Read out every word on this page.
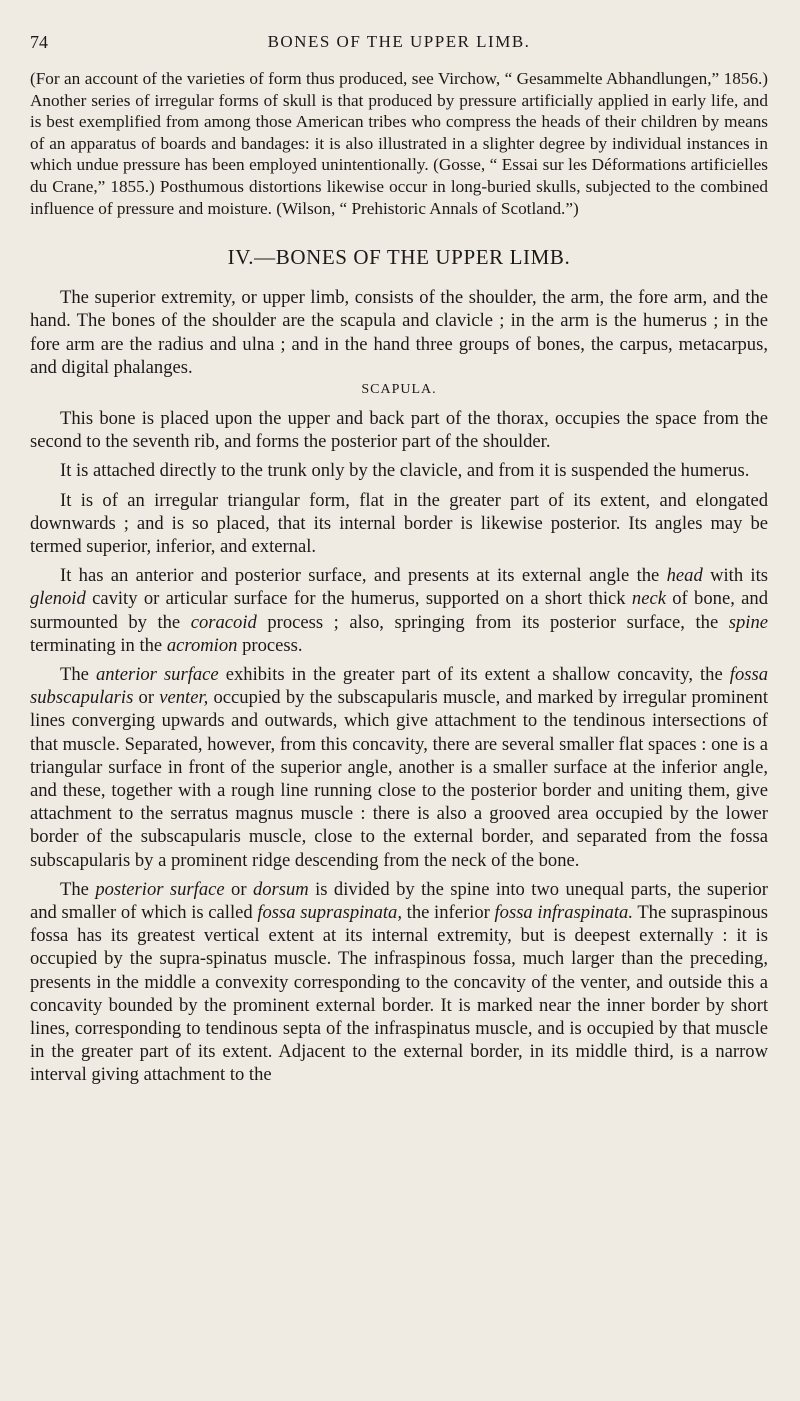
74	BONES OF THE UPPER LIMB.

(For an account of the varieties of form thus produced, see Virchow, “ Gesammelte Abhandlungen,” 1856.) Another series of irregular forms of skull is that produced by pressure artificially applied in early life, and is best exemplified from among those American tribes who compress the heads of their children by means of an apparatus of boards and bandages: it is also illustrated in a slighter degree by individual instances in which undue pressure has been employed unintentionally. (Gosse, “ Essai sur les Déformations artificielles du Crane,” 1855.) Posthumous distortions likewise occur in long-buried skulls, subjected to the combined influence of pressure and moisture. (Wilson, “ Prehistoric Annals of Scotland.”)

IV.—BONES OF THE UPPER LIMB.

The superior extremity, or upper limb, consists of the shoulder, the arm, the fore arm, and the hand. The bones of the shoulder are the scapula and clavicle ; in the arm is the humerus ; in the fore arm are the radius and ulna ; and in the hand three groups of bones, the carpus, metacarpus, and digital phalanges.

SCAPULA.

This bone is placed upon the upper and back part of the thorax, occupies the space from the second to the seventh rib, and forms the posterior part of the shoulder.

It is attached directly to the trunk only by the clavicle, and from it is suspended the humerus.

It is of an irregular triangular form, flat in the greater part of its extent, and elongated downwards ; and is so placed, that its internal border is likewise posterior. Its angles may be termed superior, inferior, and external.

It has an anterior and posterior surface, and presents at its external angle the head with its glenoid cavity or articular surface for the humerus, supported on a short thick neck of bone, and surmounted by the coracoid process ; also, springing from its posterior surface, the spine terminating in the acromion process.

The anterior surface exhibits in the greater part of its extent a shallow concavity, the fossa subscapularis or venter, occupied by the subscapularis muscle, and marked by irregular prominent lines converging upwards and outwards, which give attachment to the tendinous intersections of that muscle. Separated, however, from this concavity, there are several smaller flat spaces : one is a triangular surface in front of the superior angle, another is a smaller surface at the inferior angle, and these, together with a rough line running close to the posterior border and uniting them, give attachment to the serratus magnus muscle : there is also a grooved area occupied by the lower border of the subscapularis muscle, close to the external border, and separated from the fossa subscapularis by a prominent ridge descending from the neck of the bone.

The posterior surface or dorsum is divided by the spine into two unequal parts, the superior and smaller of which is called fossa supraspinata, the inferior fossa infraspinata. The supraspinous fossa has its greatest vertical extent at its internal extremity, but is deepest externally : it is occupied by the supra-spinatus muscle. The infraspinous fossa, much larger than the preceding, presents in the middle a convexity corresponding to the concavity of the venter, and outside this a concavity bounded by the prominent external border. It is marked near the inner border by short lines, corresponding to tendinous septa of the infraspinatus muscle, and is occupied by that muscle in the greater part of its extent. Adjacent to the external border, in its middle third, is a narrow interval giving attachment to the
